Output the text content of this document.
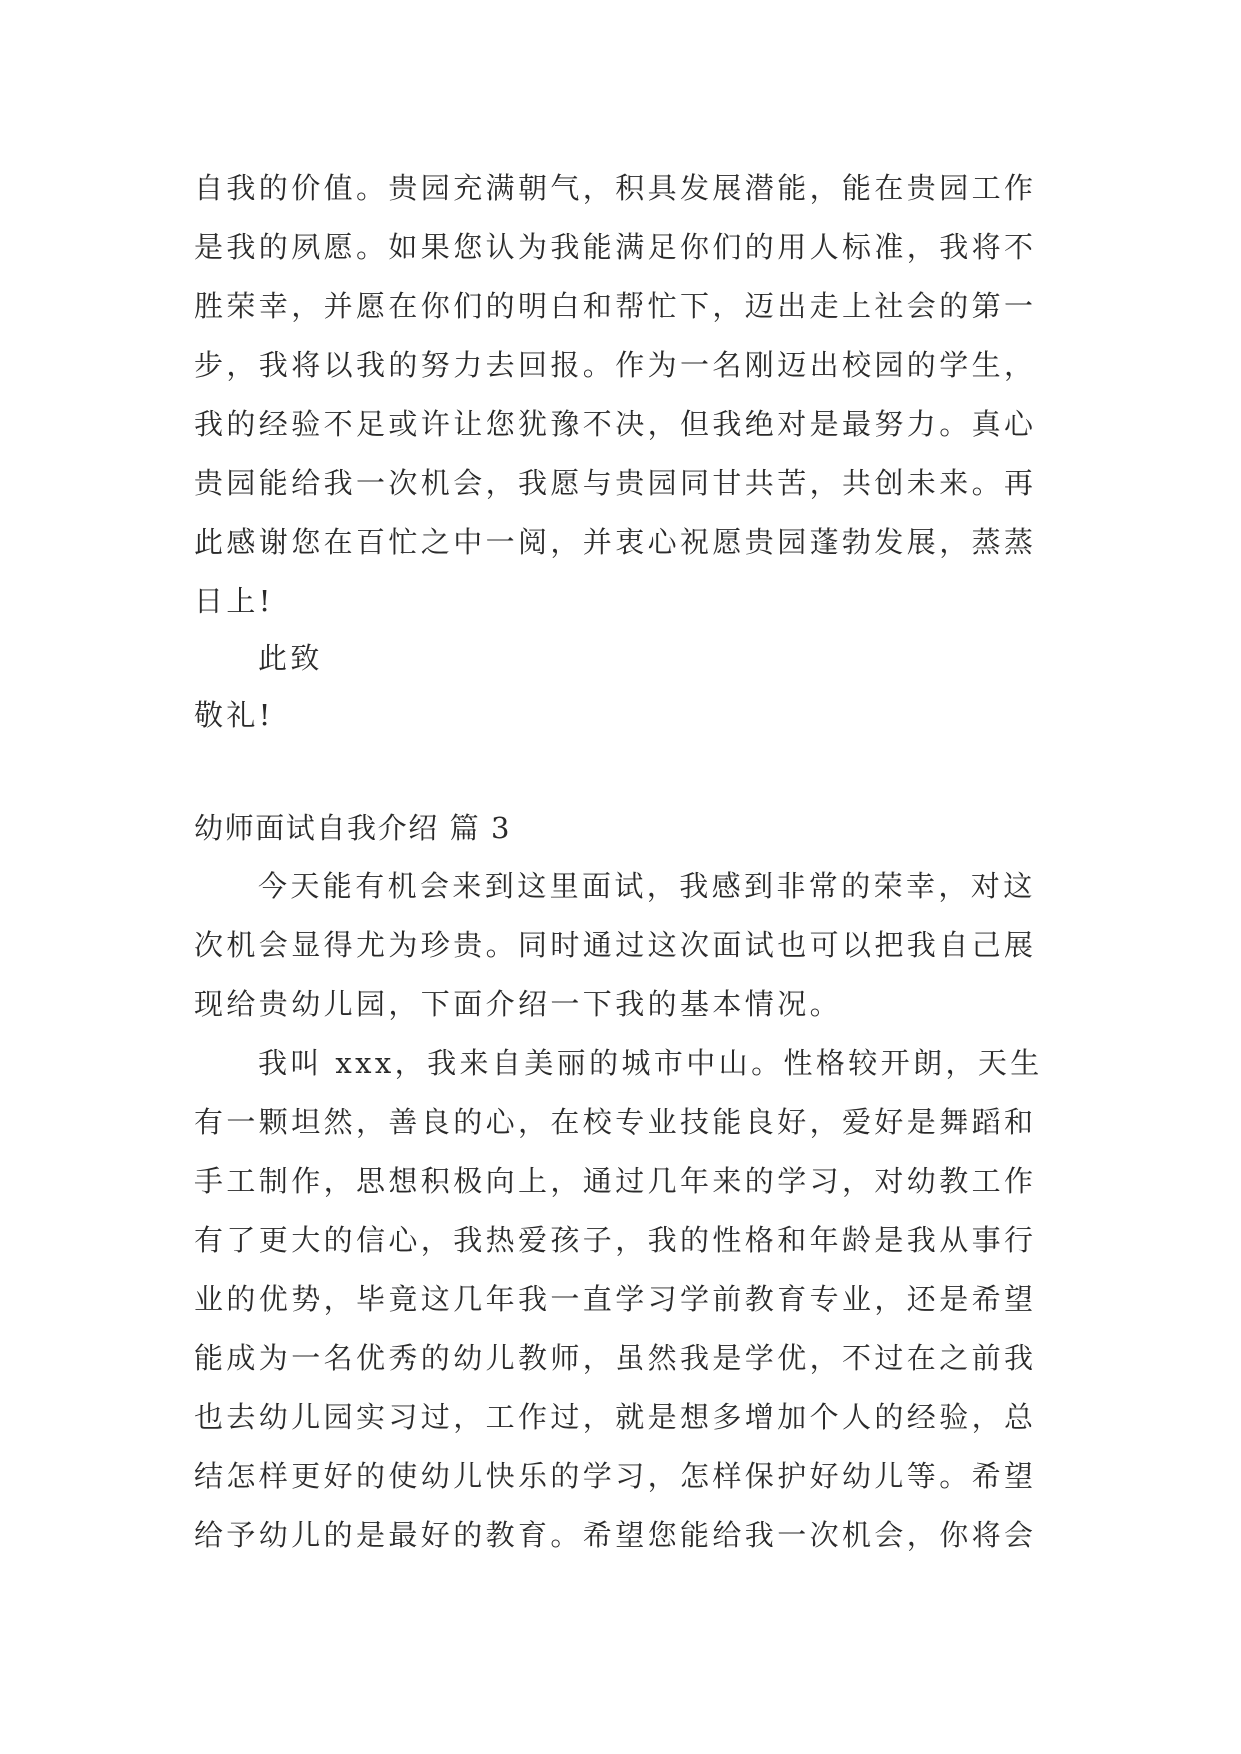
自我的价值。贵园充满朝气，积具发展潜能，能在贵园工作

是我的夙愿。如果您认为我能满足你们的用人标准，我将不

胜荣幸，并愿在你们的明白和帮忙下，迈出走上社会的第一

步，我将以我的努力去回报。作为一名刚迈出校园的学生，

我的经验不足或许让您犹豫不决，但我绝对是最努力。真心

贵园能给我一次机会，我愿与贵园同甘共苦，共创未来。再

此感谢您在百忙之中一阅，并衷心祝愿贵园蓬勃发展，蒸蒸

日上!

此致

敬礼!

幼师面试自我介绍 篇 3

今天能有机会来到这里面试，我感到非常的荣幸，对这

次机会显得尤为珍贵。同时通过这次面试也可以把我自己展

现给贵幼儿园，下面介绍一下我的基本情况。

我叫 xxx，我来自美丽的城市中山。性格较开朗，天生

有一颗坦然，善良的心，在校专业技能良好，爱好是舞蹈和

手工制作，思想积极向上，通过几年来的学习，对幼教工作

有了更大的信心，我热爱孩子，我的性格和年龄是我从事行

业的优势，毕竟这几年我一直学习学前教育专业，还是希望

能成为一名优秀的幼儿教师，虽然我是学优，不过在之前我

也去幼儿园实习过，工作过，就是想多增加个人的经验，总

结怎样更好的使幼儿快乐的学习，怎样保护好幼儿等。希望

给予幼儿的是最好的教育。希望您能给我一次机会，你将会
